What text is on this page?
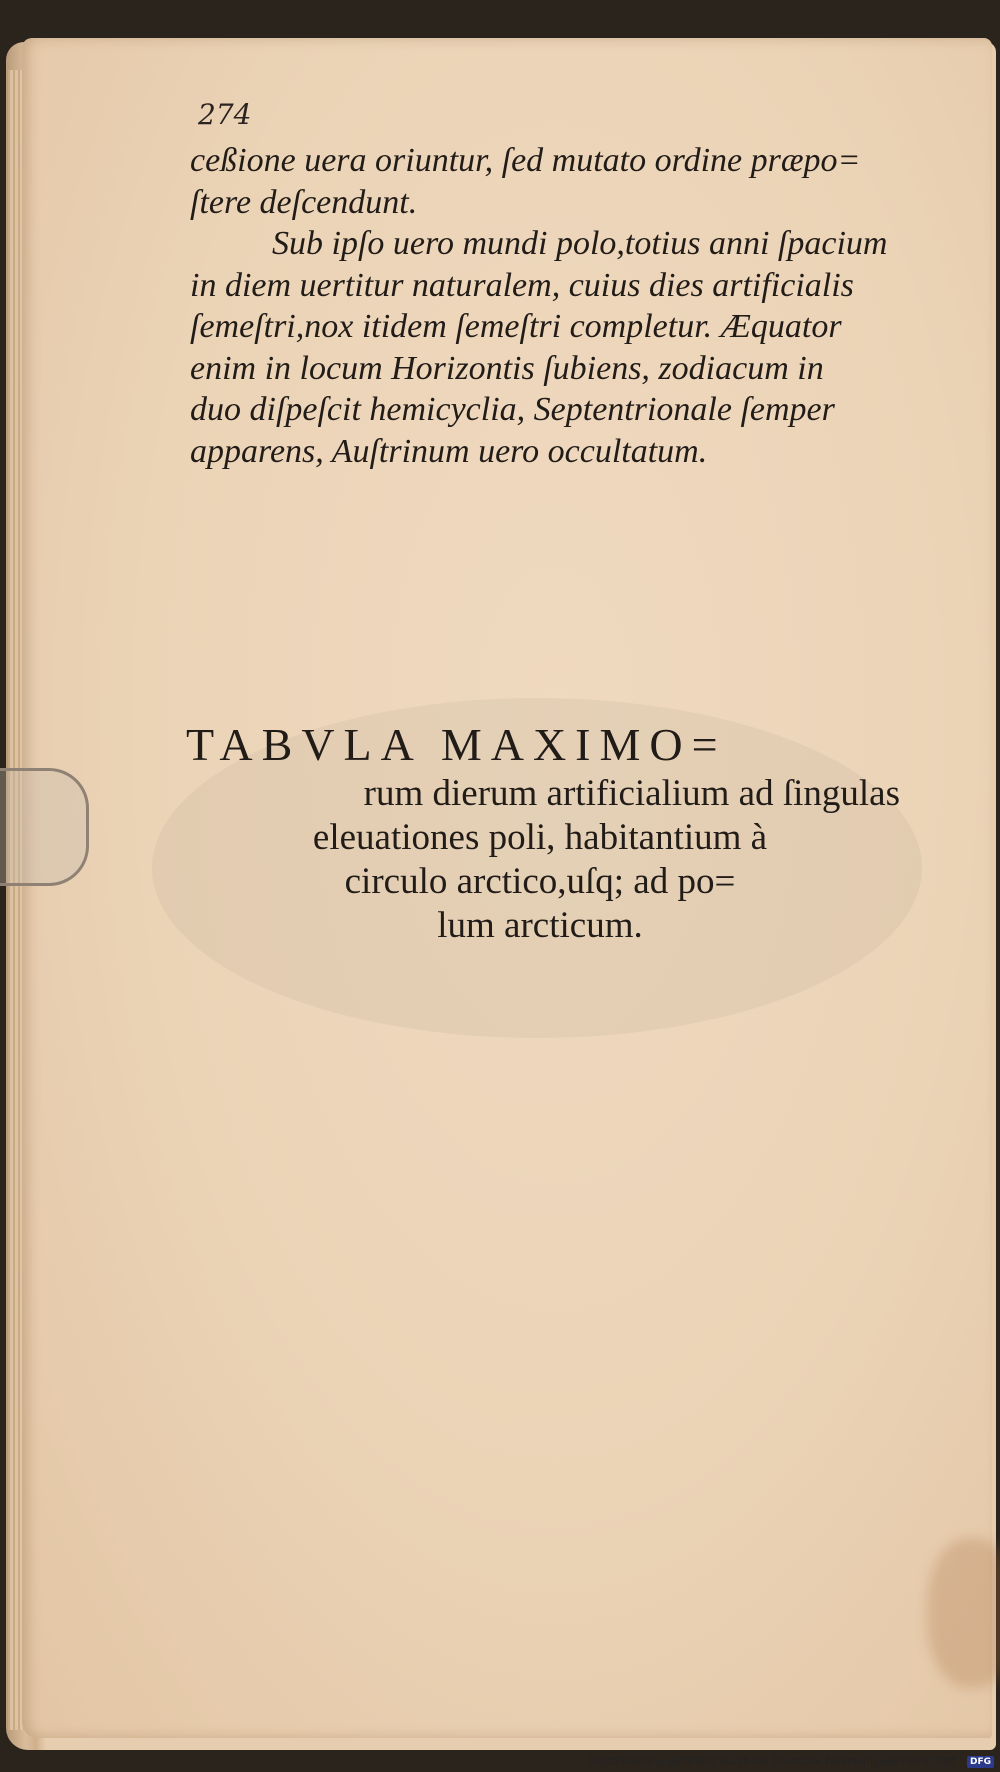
274
ceßione uera oriuntur, ſed mutato ordine præpo=
ſtere deſcendunt.
Sub ipſo uero mundi polo,totius anni ſpacium
in diem uertitur naturalem, cuius dies artificialis
ſemeſtri,nox itidem ſemeſtri completur. Æquator
enim in locum Horizontis ſubiens, zodiacum in
duo diſpeſcit hemicyclia, Septentrionale ſemper
apparens, Auſtrinum uero occultatum.
TABVLA MAXIMO=
rum dierum artificialium ad ſingulas
eleuationes poli, habitantium à
circulo arctico,uſq; ad po=
lum arcticum.
Digitalisierung gefördert durch die Deutsche Forschungsgemeinschaft · DFG
